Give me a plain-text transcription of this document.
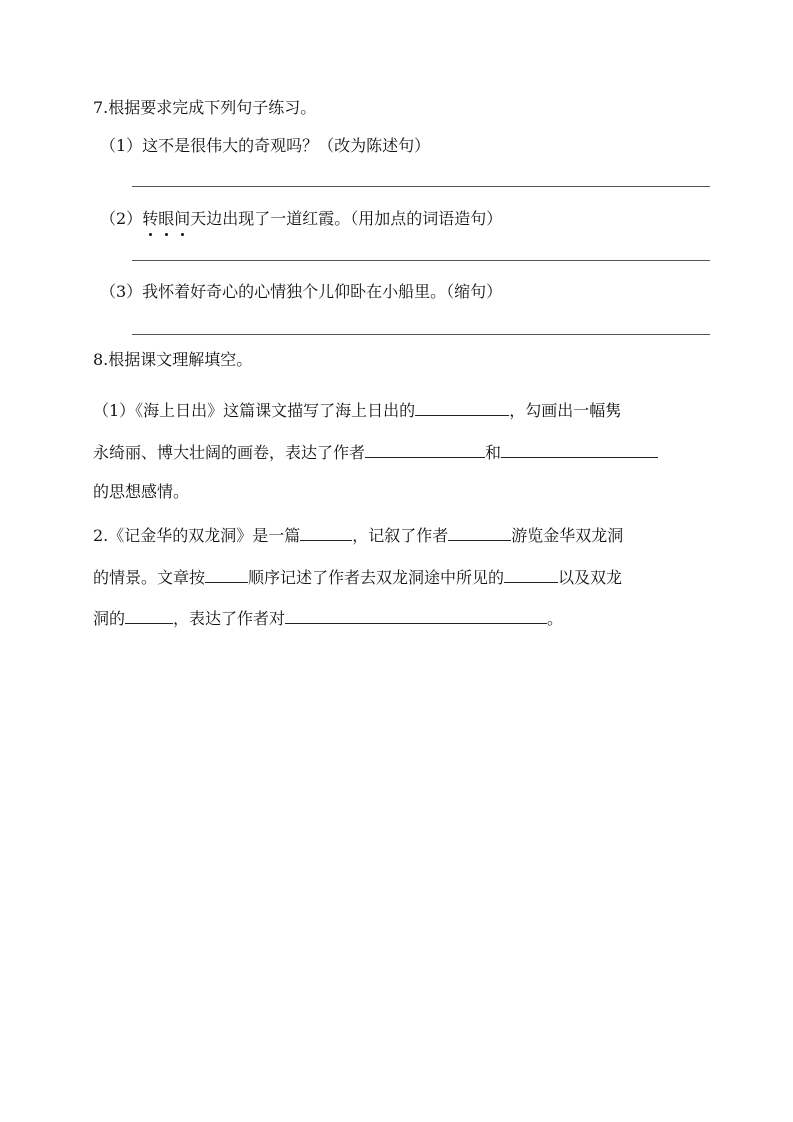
7.根据要求完成下列句子练习。
（1）这不是很伟大的奇观吗？（改为陈述句）
（2）转眼间天边出现了一道红霞。（用加点的词语造句）
（3）我怀着好奇心的心情独个儿仰卧在小船里。（缩句）
8.根据课文理解填空。
（1）《海上日出》这篇课文描写了海上日出的	，勾画出一幅隽
永绮丽、博大壮阔的画卷，表达了作者	和
的思想感情。
2.《记金华的双龙洞》是一篇	，记叙了作者	游览金华双龙洞
的情景。文章按	顺序记述了作者去双龙洞途中所见的	以及双龙
洞的	，表达了作者对	。
